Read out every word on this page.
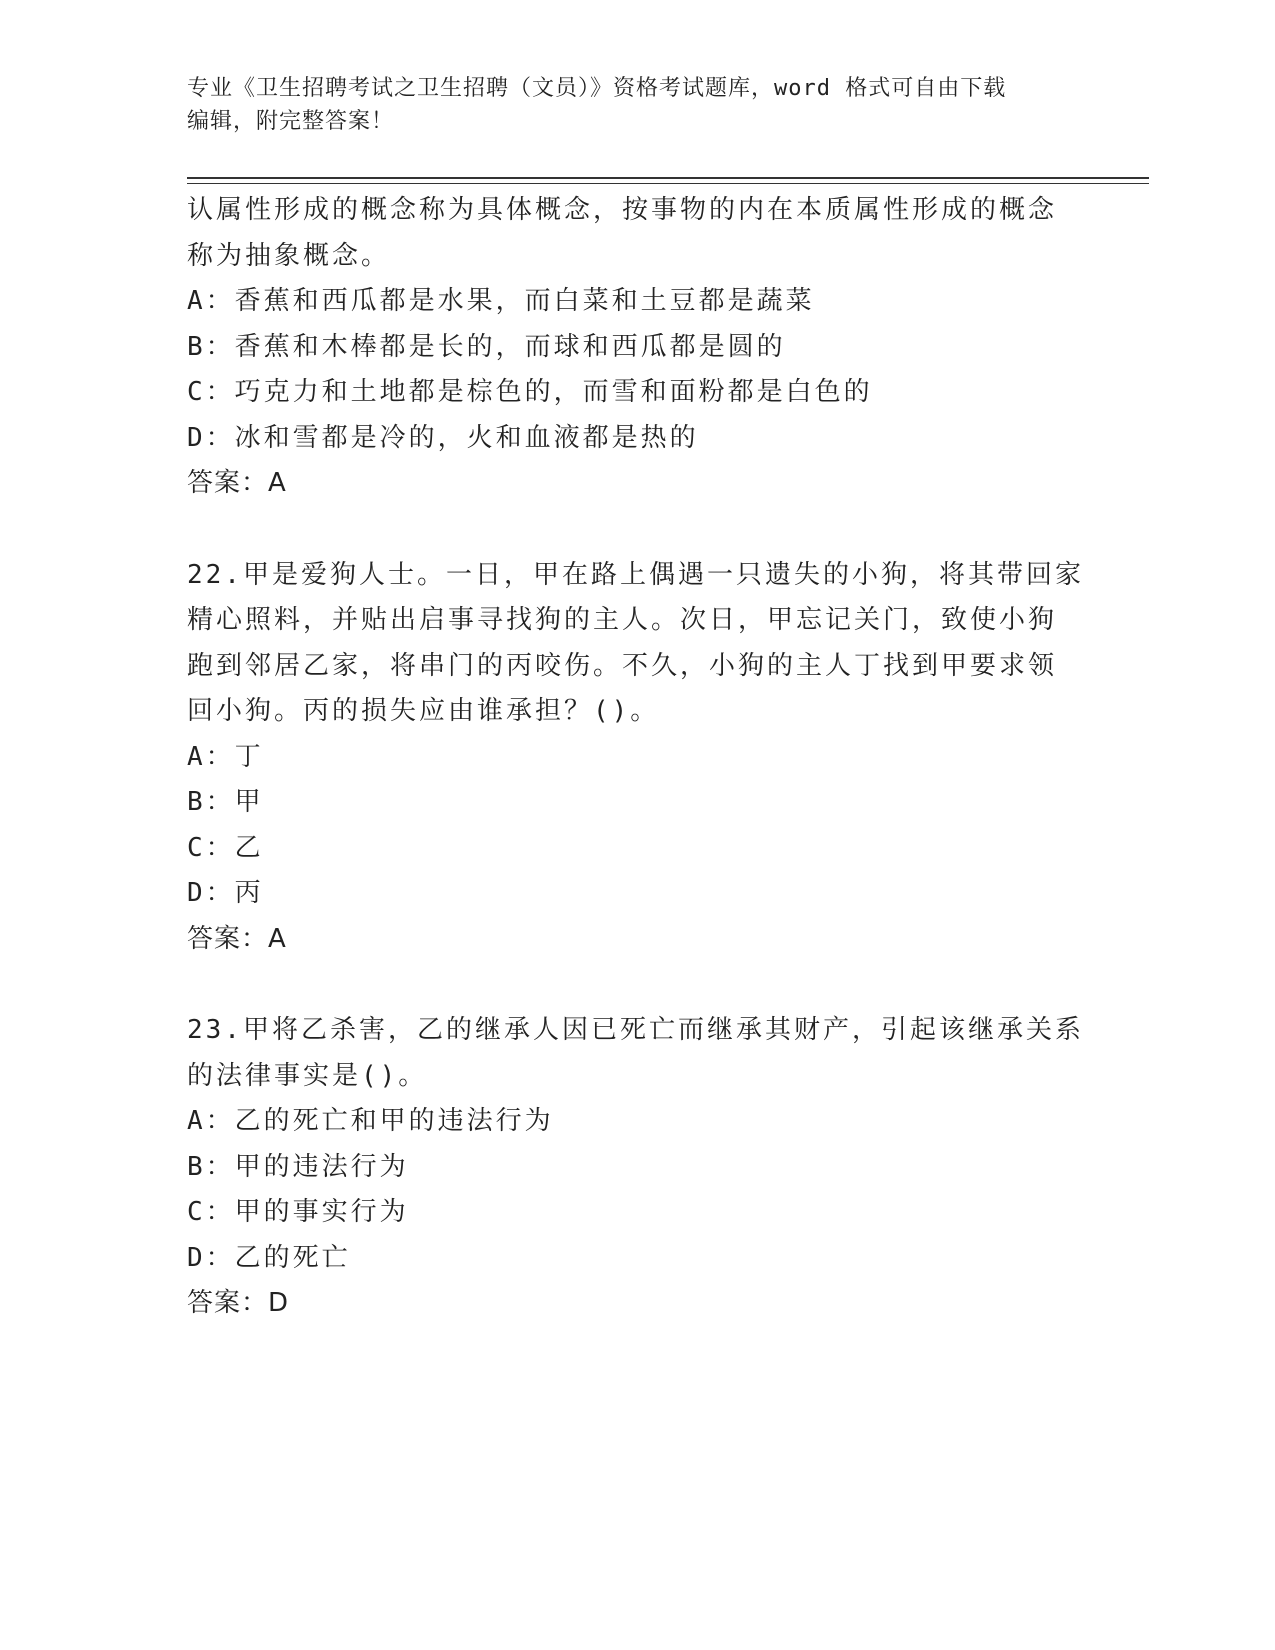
专业《卫生招聘考试之卫生招聘（文员）》资格考试题库，word 格式可自由下载
编辑，附完整答案！
认属性形成的概念称为具体概念，按事物的内在本质属性形成的概念
称为抽象概念。
A：香蕉和西瓜都是水果，而白菜和土豆都是蔬菜
B：香蕉和木棒都是长的，而球和西瓜都是圆的
C：巧克力和土地都是棕色的，而雪和面粉都是白色的
D：冰和雪都是冷的，火和血液都是热的
答案：A
22.甲是爱狗人士。一日，甲在路上偶遇一只遗失的小狗，将其带回家
精心照料，并贴出启事寻找狗的主人。次日，甲忘记关门，致使小狗
跑到邻居乙家，将串门的丙咬伤。不久，小狗的主人丁找到甲要求领
回小狗。丙的损失应由谁承担？()。
A：丁
B：甲
C：乙
D：丙
答案：A
23.甲将乙杀害，乙的继承人因已死亡而继承其财产，引起该继承关系
的法律事实是()。
A：乙的死亡和甲的违法行为
B：甲的违法行为
C：甲的事实行为
D：乙的死亡
答案：D
